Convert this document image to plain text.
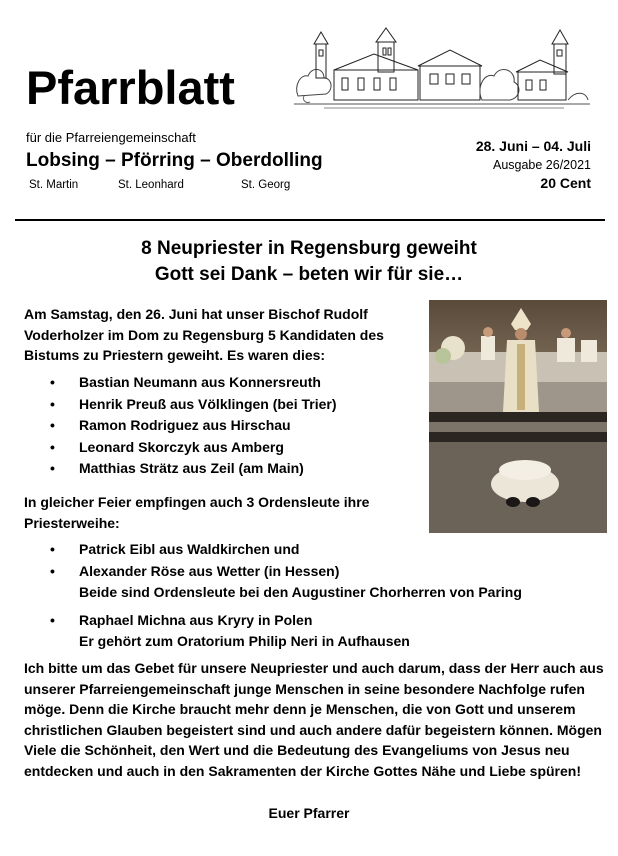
Pfarrblatt
für die Pfarreiengemeinschaft
Lobsing – Pförring – Oberdolling
St. Martin	St. Leonhard	St. Georg
28. Juni – 04. Juli
Ausgabe 26/2021
20 Cent
8 Neupriester in Regensburg geweiht
Gott sei Dank – beten wir für sie…
Am Samstag, den 26. Juni hat unser Bischof Rudolf Voderholzer im Dom zu Regensburg 5 Kandidaten des Bistums zu Priestern geweiht. Es waren dies:
• Bastian Neumann aus Konnersreuth
• Henrik Preuß aus Völklingen (bei Trier)
• Ramon Rodriguez aus Hirschau
• Leonard Skorczyk aus Amberg
• Matthias Strätz aus Zeil (am Main)
In gleicher Feier empfingen auch 3 Ordensleute ihre Priesterweihe:
• Patrick Eibl aus Waldkirchen und
• Alexander Röse aus Wetter (in Hessen)
Beide sind Ordensleute bei den Augustiner Chorherren von Paring
• Raphael Michna aus Kryry in Polen
Er gehört zum Oratorium Philip Neri in Aufhausen
Ich bitte um das Gebet für unsere Neupriester und auch darum, dass der Herr auch aus unserer Pfarreiengemeinschaft junge Menschen in seine besondere Nachfolge rufen möge. Denn die Kirche braucht mehr denn je Menschen, die von Gott und unserem christlichen Glauben begeistert sind und auch andere dafür begeistern können. Mögen Viele die Schönheit, den Wert und die Bedeutung des Evangeliums von Jesus neu entdecken und auch in den Sakramenten der Kirche Gottes Nähe und Liebe spüren!
Euer Pfarrer
